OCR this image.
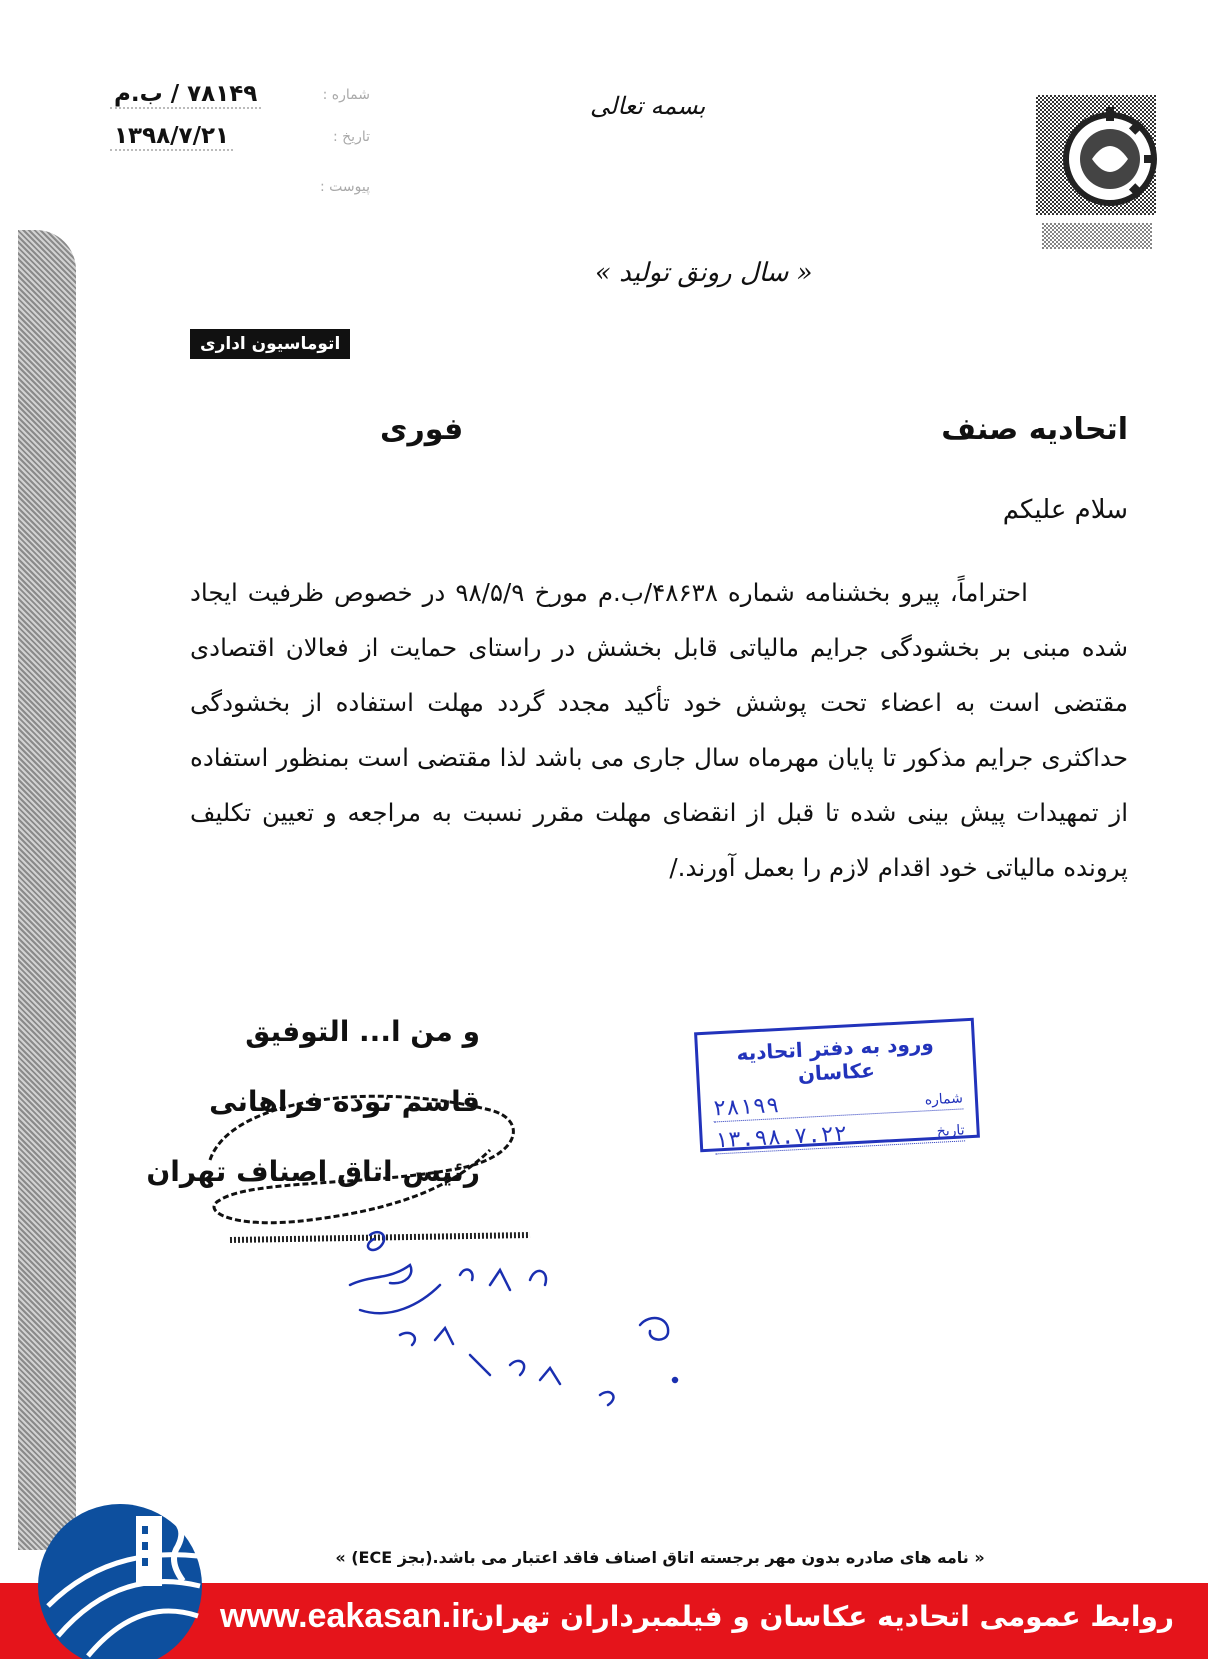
شماره :
۷۸۱۴۹ / ب.م
تاریخ :
۱۳۹۸/۷/۲۱
پیوست :
بسمه تعالی
« سال رونق تولید »
اتوماسیون اداری
اتحادیه صنف
فوری
سلام علیکم

احتراماً، پیرو بخشنامه شماره ۴۸۶۳۸/ب.م مورخ ۹۸/۵/۹ در خصوص ظرفیت ایجاد شده مبنی بر بخشودگی جرایم مالیاتی قابل بخشش در راستای حمایت از فعالان اقتصادی مقتضی است به اعضاء تحت پوشش خود تأکید مجدد گردد مهلت استفاده از بخشودگی حداکثری جرایم مذکور تا پایان مهرماه سال جاری می باشد لذا مقتضی است بمنظور استفاده از تمهیدات پیش بینی شده تا قبل از انقضای مهلت مقرر نسبت به مراجعه و تعیین تکلیف پرونده مالیاتی خود اقدام لازم را بعمل آورند./

و من ا... التوفیق
قاسم نوده فراهانی
رئیس اتاق اصناف تهران
ورود به دفتر اتحادیه عکاسان
شماره
۲۸۱۹۹
تاریخ
۱۳.۹۸.۷.۲۲
« نامه های صادره بدون مهر برجسته اتاق اصناف فاقد اعتبار می باشد.(بجز ECE) »
روابط عمومی اتحادیه عکاسان و فیلمبرداران تهران
www.eakasan.ir
